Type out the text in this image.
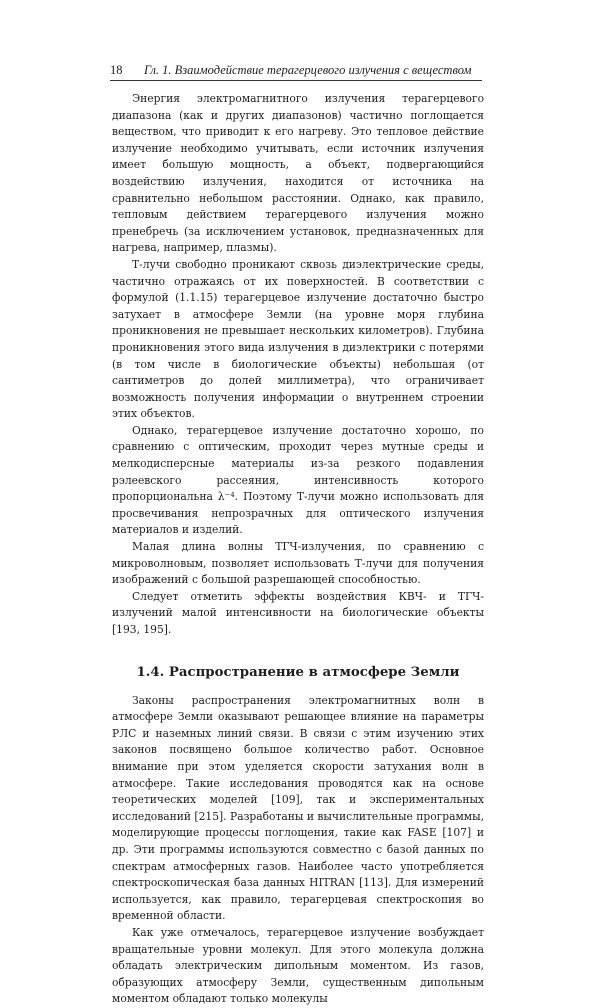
18 Гл. 1. Взаимодействие терагерцевого излучения с веществом

Энергия электромагнитного излучения терагерцевого диапазона (как и других диапазонов) частично поглощается веществом, что приводит к его нагреву. Это тепловое действие излучение необходимо учитывать, если источник излучения имеет большую мощность, а объект, подвергающийся воздействию излучения, находится от источника на сравнительно небольшом расстоянии. Однако, как правило, тепловым действием терагерцевого излучения можно пренебречь (за исключением установок, предназначенных для нагрева, например, плазмы).

Т-лучи свободно проникают сквозь диэлектрические среды, частично отражаясь от их поверхностей. В соответствии с формулой (1.1.15) терагерцевое излучение достаточно быстро затухает в атмосфере Земли (на уровне моря глубина проникновения не превышает нескольких километров). Глубина проникновения этого вида излучения в диэлектрики с потерями (в том числе в биологические объекты) небольшая (от сантиметров до долей миллиметра), что ограничивает возможность получения информации о внутреннем строении этих объектов.

Однако, терагерцевое излучение достаточно хорошо, по сравнению с оптическим, проходит через мутные среды и мелкодисперсные материалы из-за резкого подавления рэлеевского рассеяния, интенсивность которого пропорциональна λ⁻⁴. Поэтому Т-лучи можно использовать для просвечивания непрозрачных для оптического излучения материалов и изделий.

Малая длина волны ТГЧ-излучения, по сравнению с микроволновым, позволяет использовать Т-лучи для получения изображений с большой разрешающей способностью.

Следует отметить эффекты воздействия КВЧ- и ТГЧ-излучений малой интенсивности на биологические объекты [193, 195].

1.4. Распространение в атмосфере Земли

Законы распространения электромагнитных волн в атмосфере Земли оказывают решающее влияние на параметры РЛС и наземных линий связи. В связи с этим изучению этих законов посвящено большое количество работ. Основное внимание при этом уделяется скорости затухания волн в атмосфере. Такие исследования проводятся как на основе теоретических моделей [109], так и экспериментальных исследований [215]. Разработаны и вычислительные программы, моделирующие процессы поглощения, такие как FASE [107] и др. Эти программы используются совместно с базой данных по спектрам атмосферных газов. Наиболее часто употребляется спектроскопическая база данных HITRAN [113]. Для измерений используется, как правило, терагерцевая спектроскопия во временной области.

Как уже отмечалось, терагерцевое излучение возбуждает вращательные уровни молекул. Для этого молекула должна обладать электрическим дипольным моментом. Из газов, образующих атмосферу Земли, существенным дипольным моментом обладают только молекулы
